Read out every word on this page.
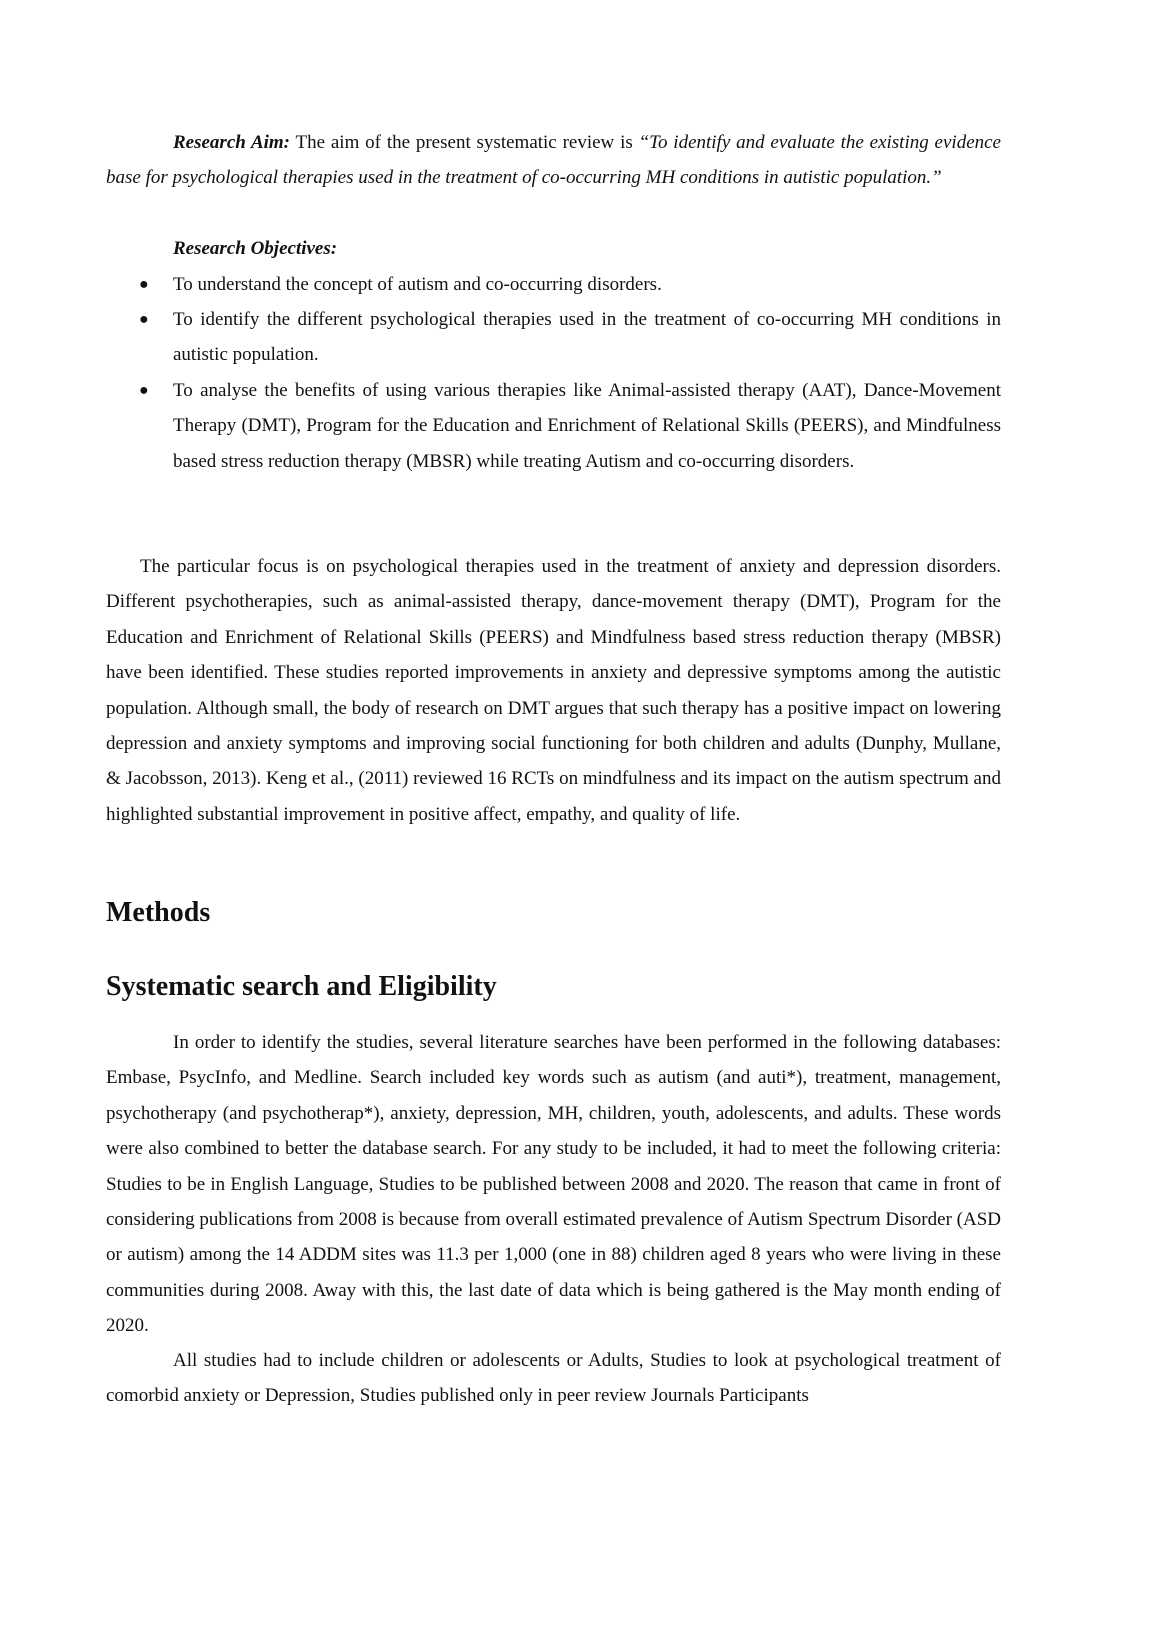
Research Aim: The aim of the present systematic review is “To identify and evaluate the existing evidence base for psychological therapies used in the treatment of co-occurring MH conditions in autistic population.”
Research Objectives:
● To understand the concept of autism and co-occurring disorders.
● To identify the different psychological therapies used in the treatment of co-occurring MH conditions in autistic population.
● To analyse the benefits of using various therapies like Animal-assisted therapy (AAT), Dance-Movement Therapy (DMT), Program for the Education and Enrichment of Relational Skills (PEERS), and Mindfulness based stress reduction therapy (MBSR) while treating Autism and co-occurring disorders.
The particular focus is on psychological therapies used in the treatment of anxiety and depression disorders. Different psychotherapies, such as animal-assisted therapy, dance-movement therapy (DMT), Program for the Education and Enrichment of Relational Skills (PEERS) and Mindfulness based stress reduction therapy (MBSR) have been identified. These studies reported improvements in anxiety and depressive symptoms among the autistic population. Although small, the body of research on DMT argues that such therapy has a positive impact on lowering depression and anxiety symptoms and improving social functioning for both children and adults (Dunphy, Mullane, & Jacobsson, 2013). Keng et al., (2011) reviewed 16 RCTs on mindfulness and its impact on the autism spectrum and highlighted substantial improvement in positive affect, empathy, and quality of life.
Methods
Systematic search and Eligibility
In order to identify the studies, several literature searches have been performed in the following databases: Embase, PsycInfo, and Medline. Search included key words such as autism (and auti*), treatment, management, psychotherapy (and psychotherap*), anxiety, depression, MH, children, youth, adolescents, and adults. These words were also combined to better the database search. For any study to be included, it had to meet the following criteria: Studies to be in English Language, Studies to be published between 2008 and 2020. The reason that came in front of considering publications from 2008 is because from overall estimated prevalence of Autism Spectrum Disorder (ASD or autism) among the 14 ADDM sites was 11.3 per 1,000 (one in 88) children aged 8 years who were living in these communities during 2008. Away with this, the last date of data which is being gathered is the May month ending of 2020.
All studies had to include children or adolescents or Adults, Studies to look at psychological treatment of comorbid anxiety or Depression, Studies published only in peer review Journals Participants
